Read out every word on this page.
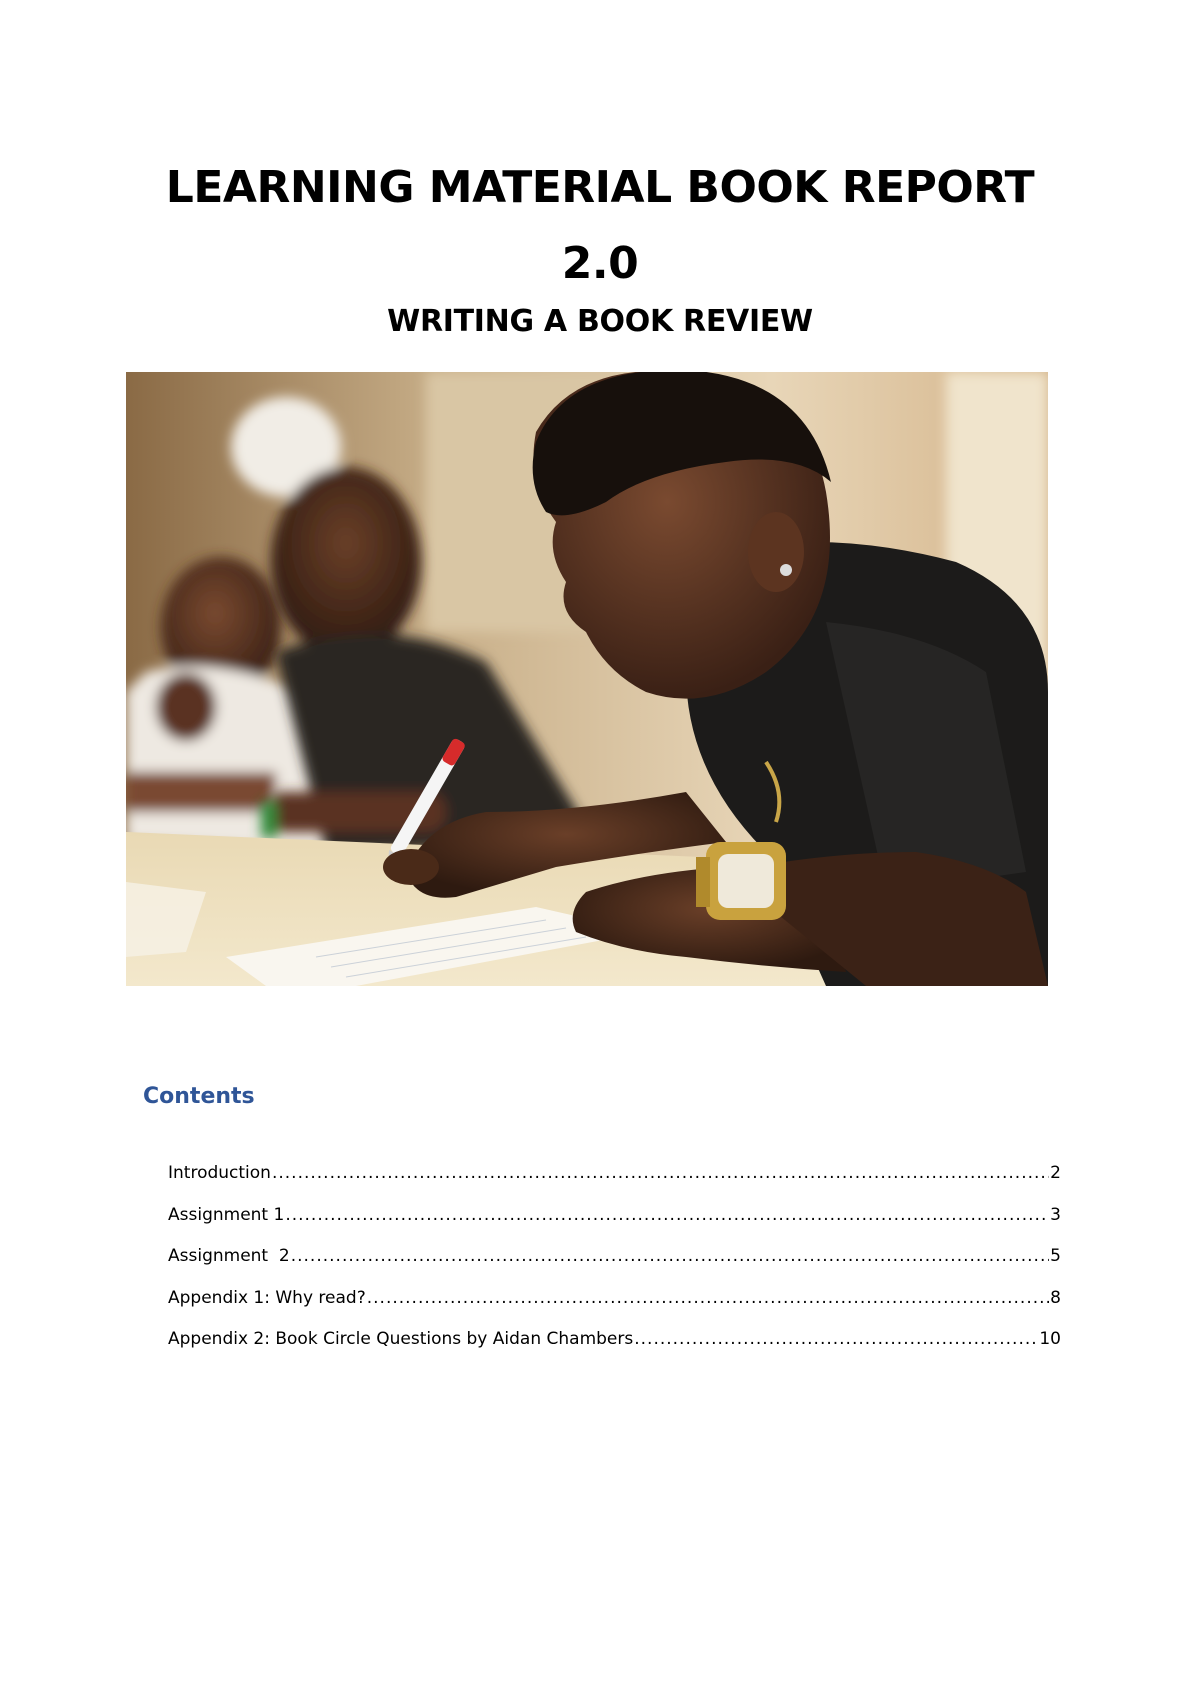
LEARNING MATERIAL BOOK REPORT 2.0
WRITING A BOOK REVIEW
Contents
Introduction .....	2
Assignment 1 .....	3
Assignment  2 .....	5
Appendix 1: Why read? .....	8
Appendix 2: Book Circle Questions by Aidan Chambers .....	10
